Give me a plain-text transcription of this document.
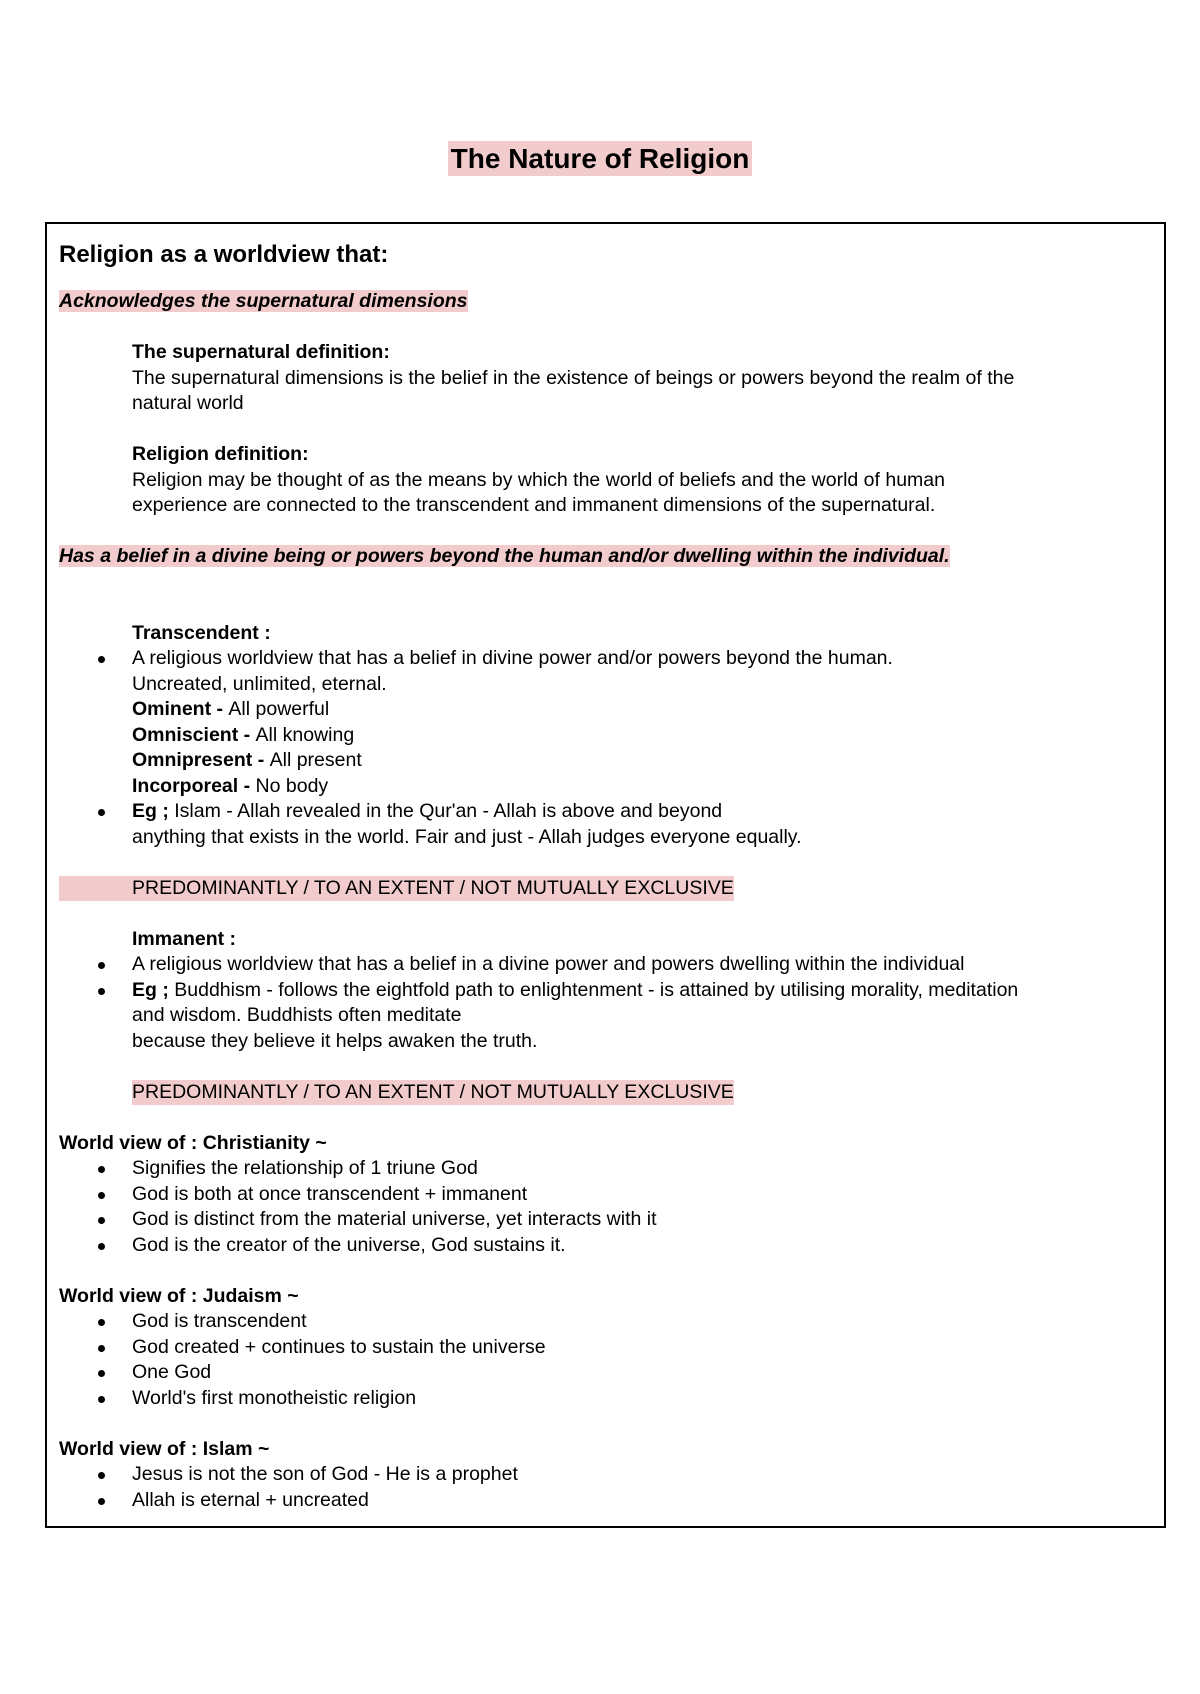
The Nature of Religion
Religion as a worldview that:
Acknowledges the supernatural dimensions
The supernatural definition:
The supernatural dimensions is the belief in the existence of beings or powers beyond the realm of the
natural world
Religion definition:
Religion may be thought of as the means by which the world of beliefs and the world of human
experience are connected to the transcendent and immanent dimensions of the supernatural.
Has a belief in a divine being or powers beyond the human and/or dwelling within the individual.
Transcendent :
A religious worldview that has a belief in divine power and/or powers beyond the human.
Uncreated, unlimited, eternal.
Ominent - All powerful
Omniscient - All knowing
Omnipresent - All present
Incorporeal - No body
Eg ; Islam - Allah revealed in the Qur'an - Allah is above and beyond
anything that exists in the world. Fair and just - Allah judges everyone equally.
PREDOMINANTLY / TO AN EXTENT / NOT MUTUALLY EXCLUSIVE
Immanent :
A religious worldview that has a belief in a divine power and powers dwelling within the individual
Eg ; Buddhism - follows the eightfold path to enlightenment - is attained by utilising morality, meditation
and wisdom. Buddhists often meditate
because they believe it helps awaken the truth.
PREDOMINANTLY / TO AN EXTENT / NOT MUTUALLY EXCLUSIVE
World view of : Christianity ~
Signifies the relationship of 1 triune God
God is both at once transcendent + immanent
God is distinct from the material universe, yet interacts with it
God is the creator of the universe, God sustains it.
World view of : Judaism ~
God is transcendent
God created + continues to sustain the universe
One God
World's first monotheistic religion
World view of : Islam ~
Jesus is not the son of God - He is a prophet
Allah is eternal + uncreated
